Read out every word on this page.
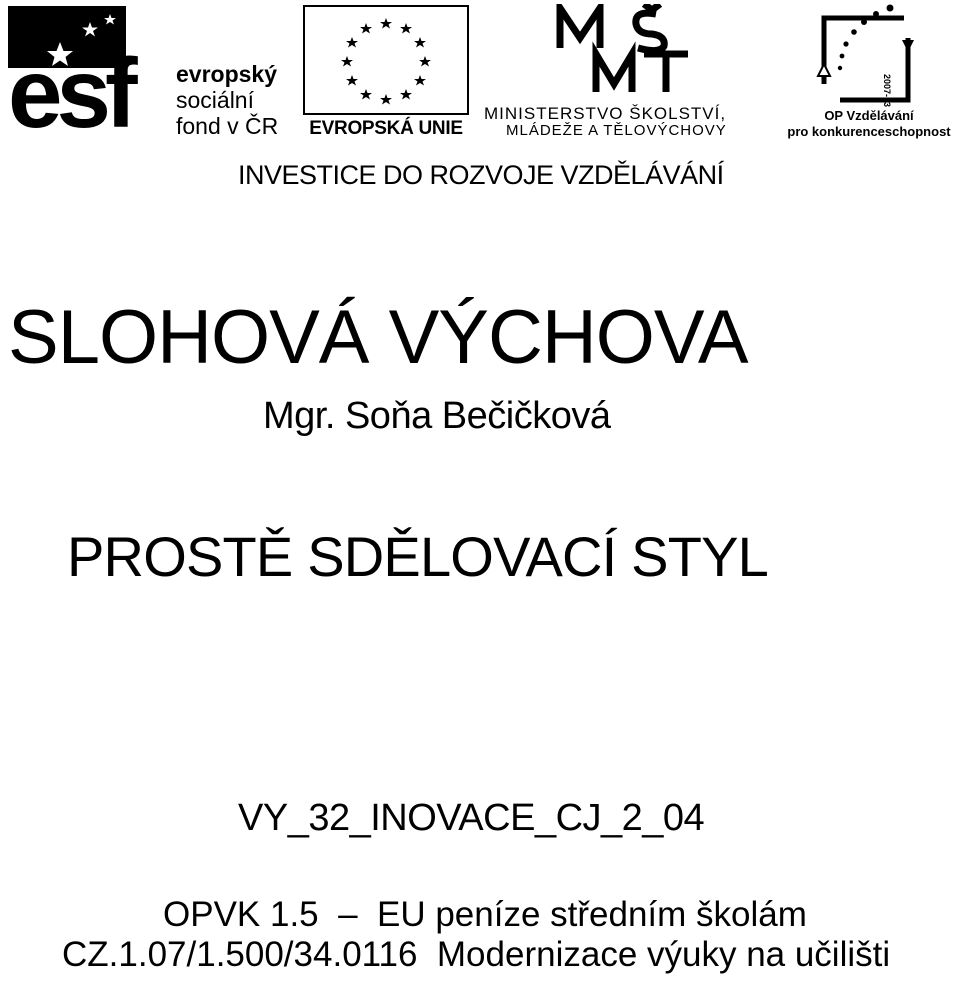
esf evropský
sociální
fond v ČR	EVROPSKÁ UNIE
MINISTERSTVO ŠKOLSTVÍ,
MLÁDEŽE A TĚLOVÝCHOVY
2007-13
OP Vzdělávání
pro konkurenceschopnost
INVESTICE DO ROZVOJE VZDĚLÁVÁNÍ
SLOHOVÁ VÝCHOVA
Mgr. Soňa Bečičková
PROSTĚ SDĚLOVACÍ STYL
VY_32_INOVACE_CJ_2_04
OPVK 1.5  –  EU peníze středním školám
CZ.1.07/1.500/34.0116  Modernizace výuky na učilišti
